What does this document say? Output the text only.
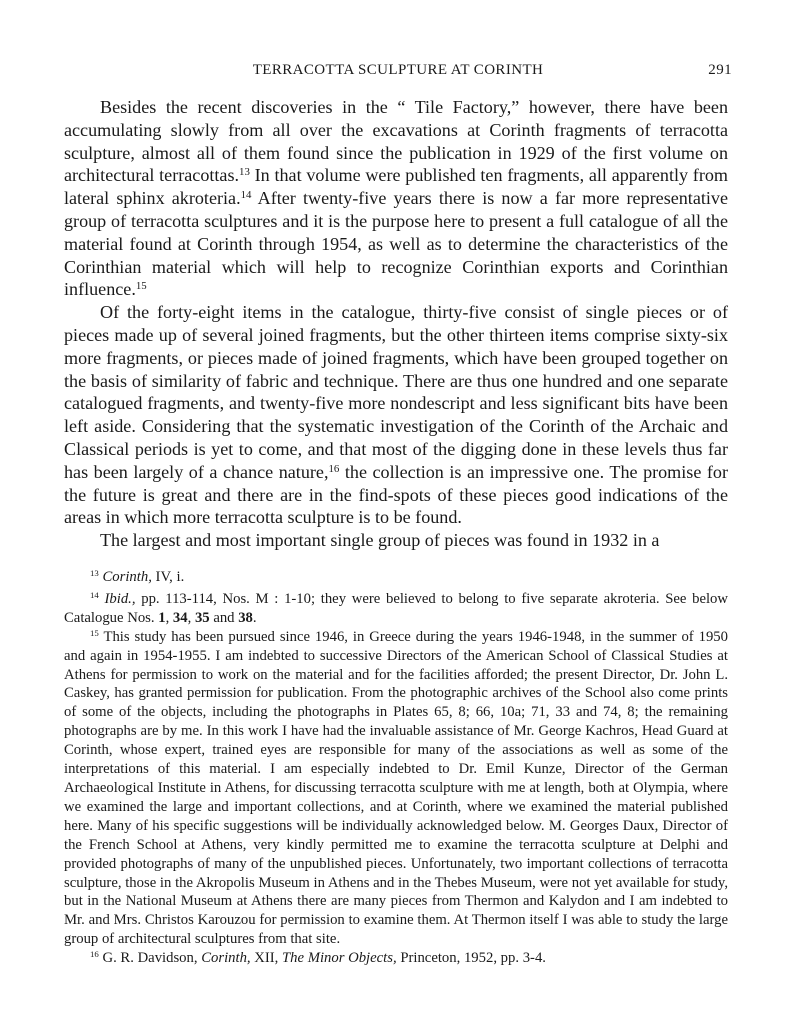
TERRACOTTA SCULPTURE AT CORINTH	291

Besides the recent discoveries in the “ Tile Factory,” however, there have been accumulating slowly from all over the excavations at Corinth fragments of terracotta sculpture, almost all of them found since the publication in 1929 of the first volume on architectural terracottas.$^{13}$ In that volume were published ten fragments, all apparently from lateral sphinx akroteria.$^{14}$ After twenty-five years there is now a far more representative group of terracotta sculptures and it is the purpose here to present a full catalogue of all the material found at Corinth through 1954, as well as to determine the characteristics of the Corinthian material which will help to recognize Corinthian exports and Corinthian influence.$^{15}$

Of the forty-eight items in the catalogue, thirty-five consist of single pieces or of pieces made up of several joined fragments, but the other thirteen items comprise sixty-six more fragments, or pieces made of joined fragments, which have been grouped together on the basis of similarity of fabric and technique. There are thus one hundred and one separate catalogued fragments, and twenty-five more nondescript and less significant bits have been left aside. Considering that the systematic investigation of the Corinth of the Archaic and Classical periods is yet to come, and that most of the digging done in these levels thus far has been largely of a chance nature,$^{16}$ the collection is an impressive one. The promise for the future is great and there are in the find-spots of these pieces good indications of the areas in which more terracotta sculpture is to be found.

The largest and most important single group of pieces was found in 1932 in a

$^{13}$ Corinth, IV, i.

$^{14}$ Ibid., pp. 113-114, Nos. M : 1-10; they were believed to belong to five separate akroteria. See below Catalogue Nos. 1, 34, 35 and 38.

$^{15}$ This study has been pursued since 1946, in Greece during the years 1946-1948, in the summer of 1950 and again in 1954-1955. I am indebted to successive Directors of the American School of Classical Studies at Athens for permission to work on the material and for the facilities afforded; the present Director, Dr. John L. Caskey, has granted permission for publication. From the photographic archives of the School also come prints of some of the objects, including the photographs in Plates 65, 8; 66, 10a; 71, 33 and 74, 8; the remaining photographs are by me. In this work I have had the invaluable assistance of Mr. George Kachros, Head Guard at Corinth, whose expert, trained eyes are responsible for many of the associations as well as some of the interpretations of this material. I am especially indebted to Dr. Emil Kunze, Director of the German Archaeological Institute in Athens, for discussing terracotta sculpture with me at length, both at Olympia, where we examined the large and important collections, and at Corinth, where we examined the material published here. Many of his specific suggestions will be individually acknowledged below. M. Georges Daux, Director of the French School at Athens, very kindly permitted me to examine the terracotta sculpture at Delphi and provided photographs of many of the unpublished pieces. Unfortunately, two important collections of terracotta sculpture, those in the Akropolis Museum in Athens and in the Thebes Museum, were not yet available for study, but in the National Museum at Athens there are many pieces from Thermon and Kalydon and I am indebted to Mr. and Mrs. Christos Karouzou for permission to examine them. At Thermon itself I was able to study the large group of architectural sculptures from that site.

$^{16}$ G. R. Davidson, Corinth, XII, The Minor Objects, Princeton, 1952, pp. 3-4.
